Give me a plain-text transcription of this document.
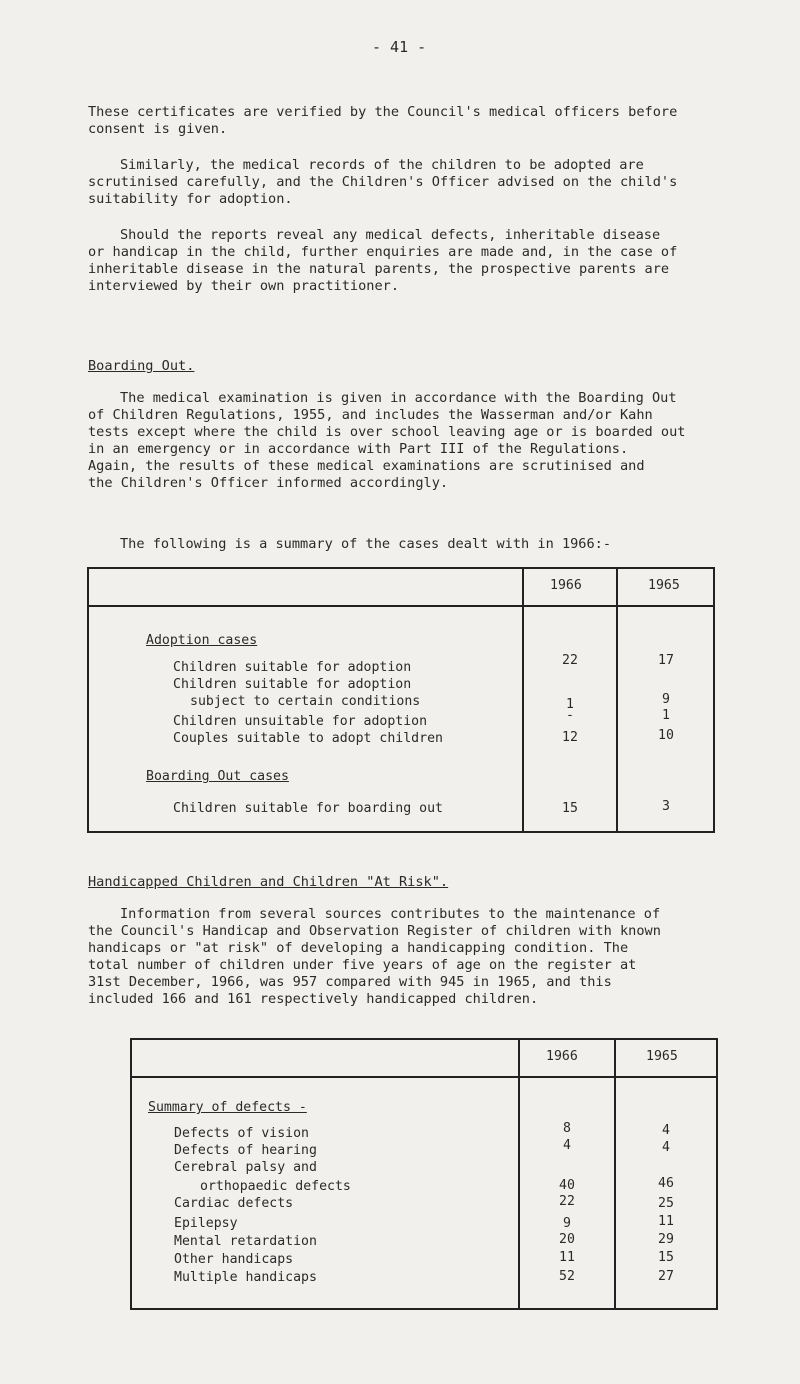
- 41 -

These certificates are verified by the Council's medical officers before
consent is given.

Similarly, the medical records of the children to be adopted are
scrutinised carefully, and the Children's Officer advised on the child's
suitability for adoption.

Should the reports reveal any medical defects, inheritable disease
or handicap in the child, further enquiries are made and, in the case of
inheritable disease in the natural parents, the prospective parents are
interviewed by their own practitioner.

Boarding Out.

The medical examination is given in accordance with the Boarding Out
of Children Regulations, 1955, and includes the Wasserman and/or Kahn
tests except where the child is over school leaving age or is boarded out
in an emergency or in accordance with Part III of the Regulations.
Again, the results of these medical examinations are scrutinised and
the Children's Officer informed accordingly.

The following is a summary of the cases dealt with in 1966:-

1966	1965
Adoption cases
Children suitable for adoption	22	17
Children suitable for adoption
subject to certain conditions	1	9
Children unsuitable for adoption	-	1
Couples suitable to adopt children	12	10
Boarding Out cases
Children suitable for boarding out	15	3
Handicapped Children and Children "At Risk".

Information from several sources contributes to the maintenance of
the Council's Handicap and Observation Register of children with known
handicaps or "at risk" of developing a handicapping condition. The
total number of children under five years of age on the register at
31st December, 1966, was 957 compared with 945 in 1965, and this
included 166 and 161 respectively handicapped children.

1966	1965
Summary of defects -
Defects of vision	8	4
Defects of hearing	4	4
Cerebral palsy and
orthopaedic defects	40	46
Cardiac defects	22	25
Epilepsy	9	11
Mental retardation	20	29
Other handicaps	11	15
Multiple handicaps	52	27
